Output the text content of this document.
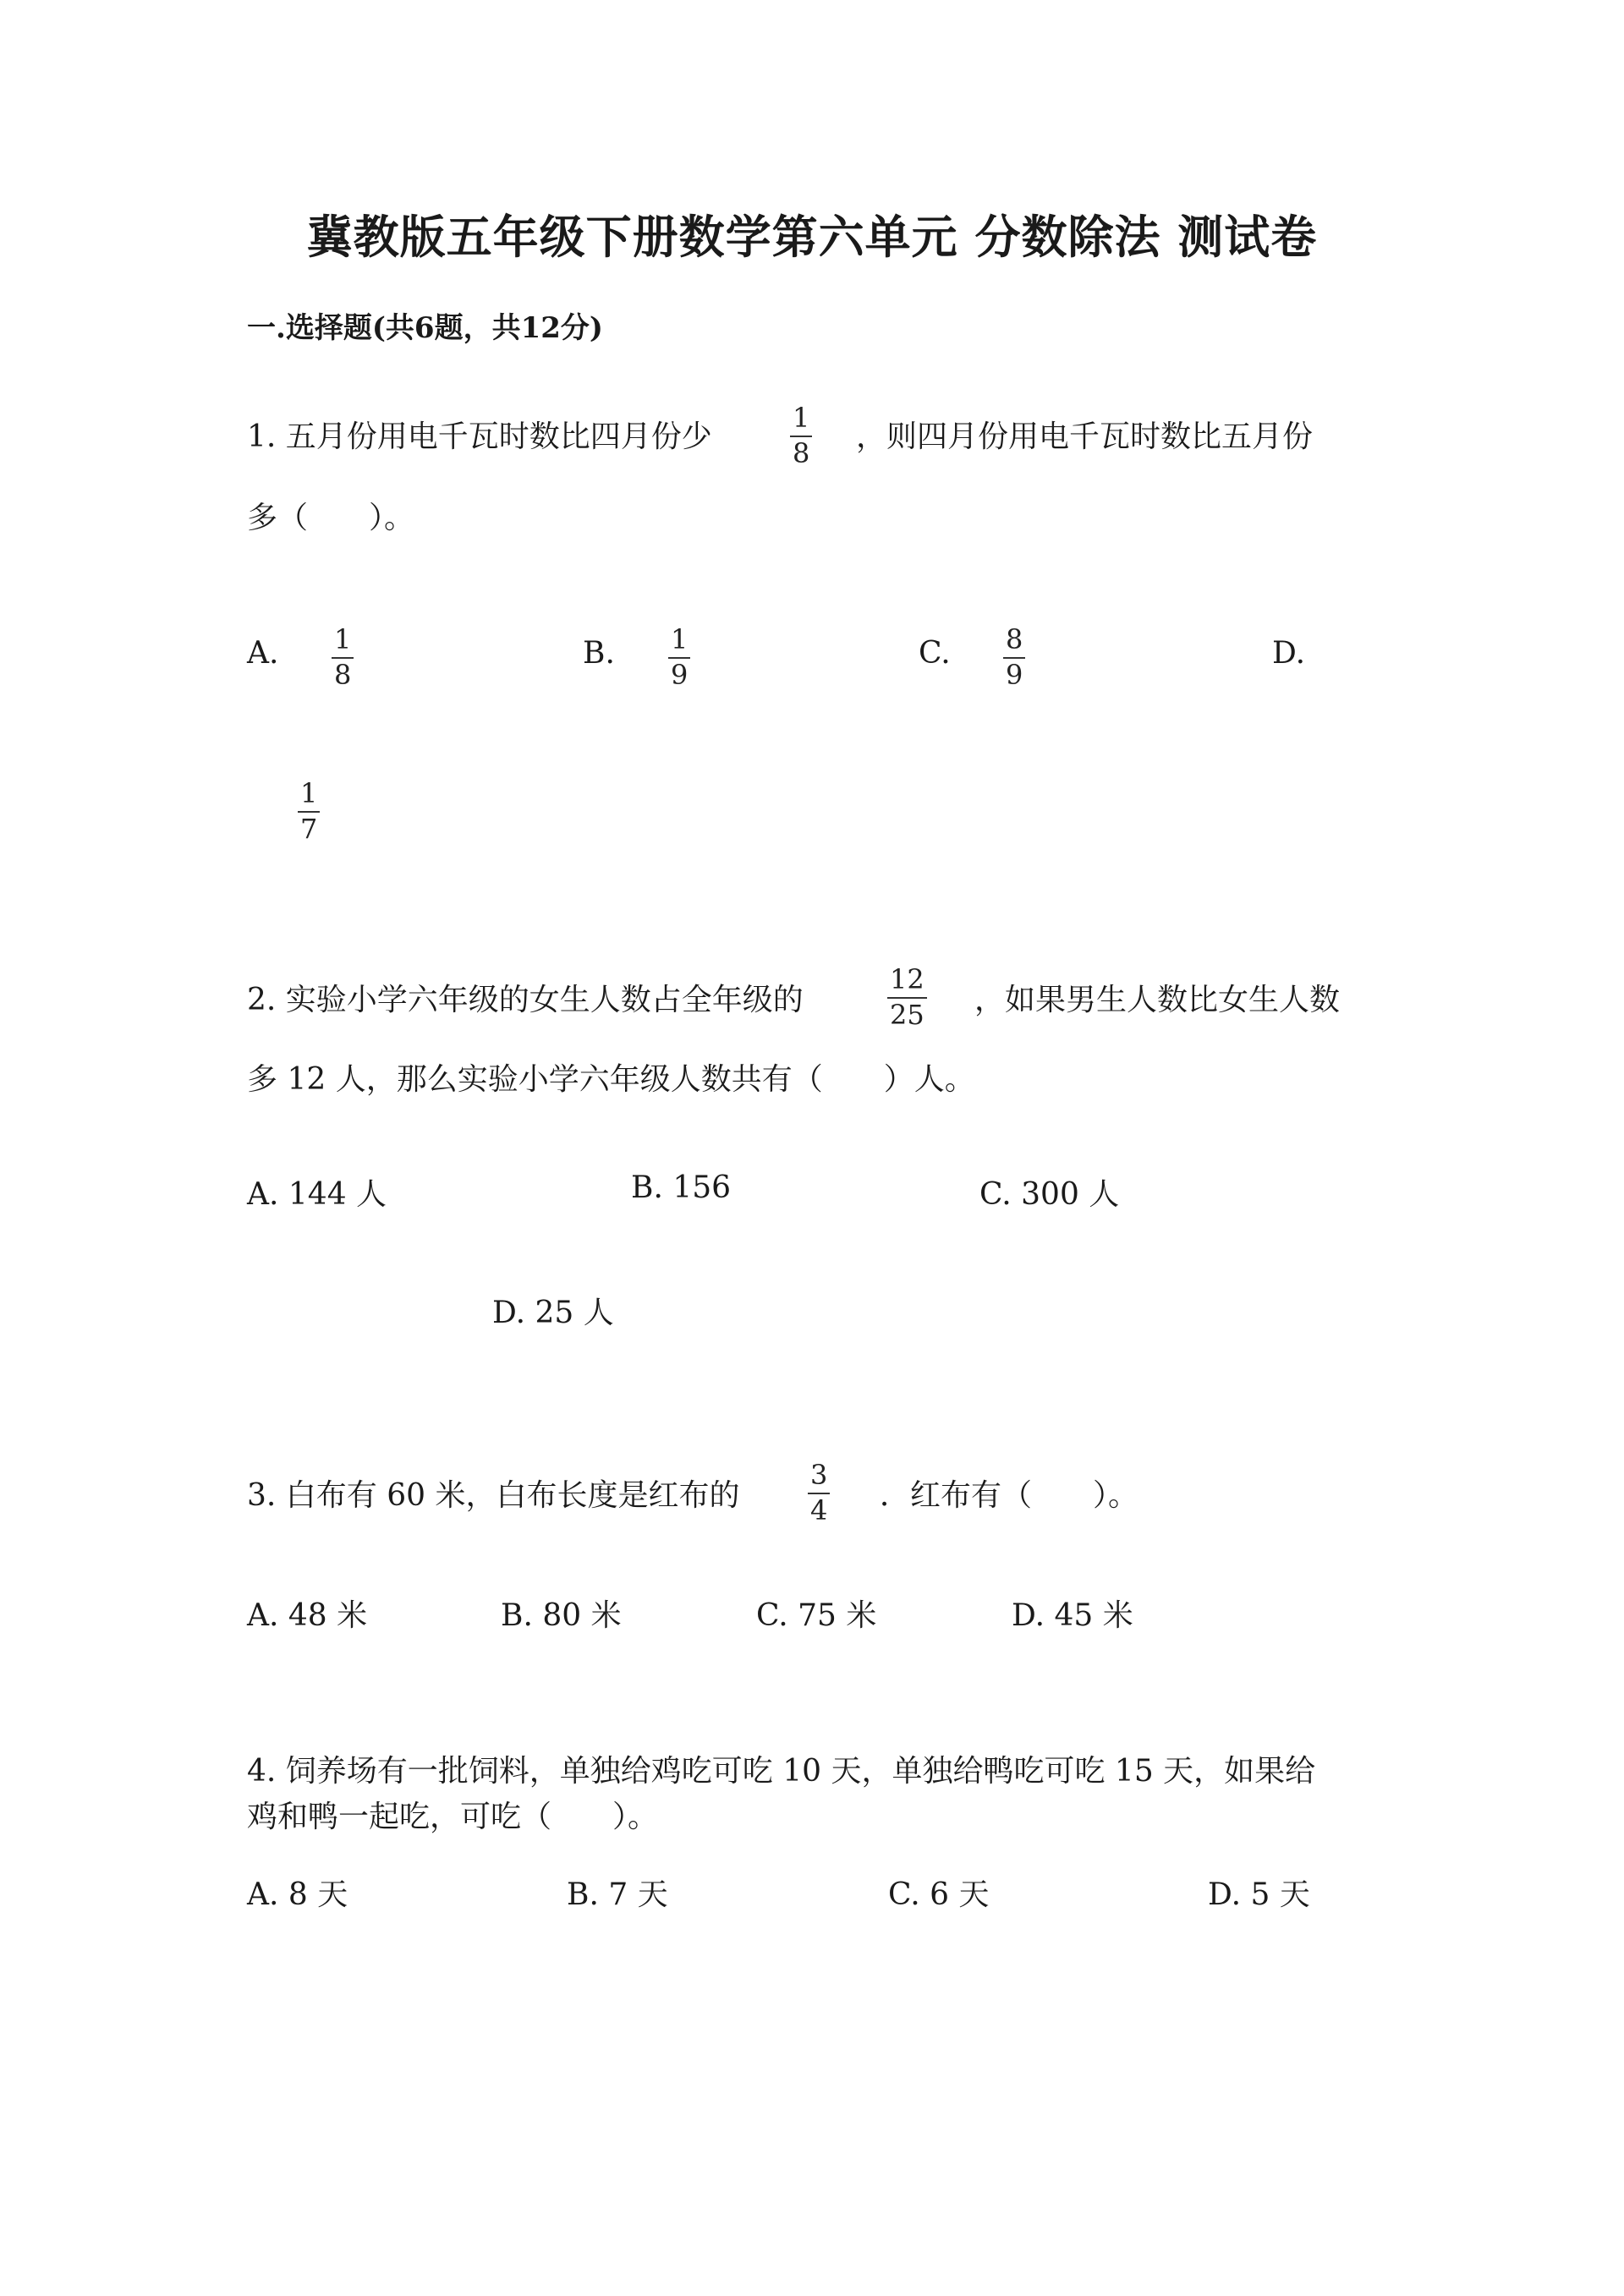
冀教版五年级下册数学第六单元 分数除法 测试卷
一.选择题(共6题，共12分)
1. 五月份用电千瓦时数比四月份少
1
8 ，则四月份用电千瓦时数比五月份
多（　　）。
A. 1
8
B. 1
9
C. 8
9
D.
1
7
2. 实验小学六年级的女生人数占全年级的
12
25 ，如果男生人数比女生人数
多 12 人，那么实验小学六年级人数共有（　　）人。
A. 144 人	B. 156	C. 300 人
D. 25 人
3. 白布有 60 米，白布长度是红布的
3
4 ．红布有（　　）。
A. 48 米	B. 80 米	C. 75 米	D. 45 米
4. 饲养场有一批饲料，单独给鸡吃可吃 10 天，单独给鸭吃可吃 15 天，如果给
鸡和鸭一起吃，可吃（　　）。
A. 8 天	B. 7 天	C. 6 天	D. 5 天
